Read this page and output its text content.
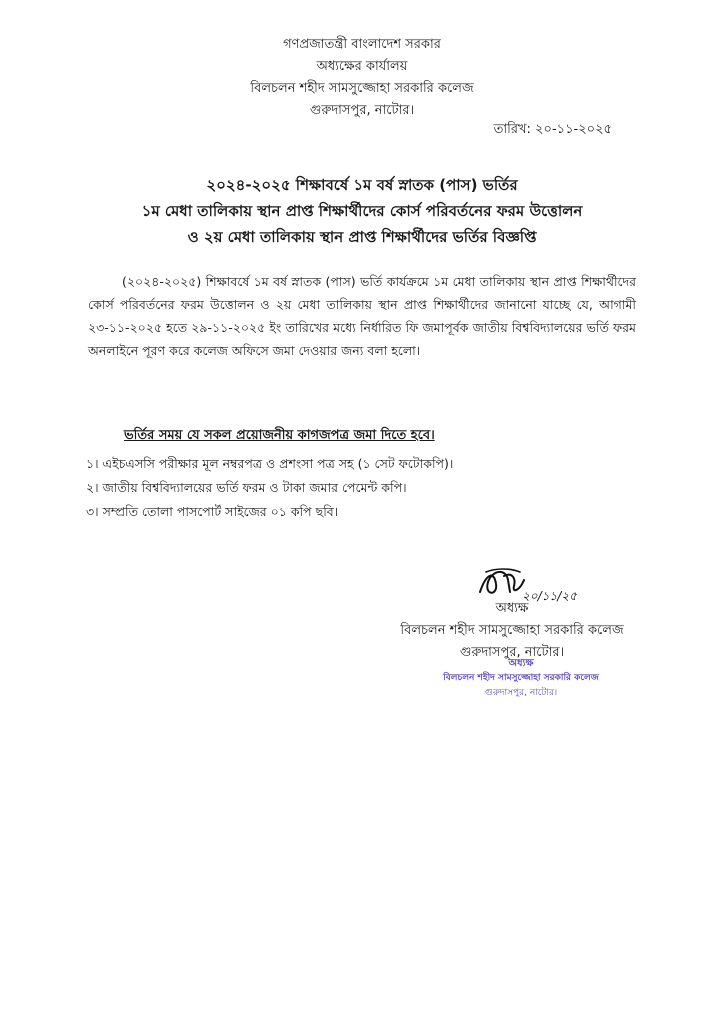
গণপ্রজাতন্ত্রী বাংলাদেশ সরকার
অধ্যক্ষের কার্যালয়
বিলচলন শহীদ সামসুজ্জোহা সরকারি কলেজ
গুরুদাসপুর, নাটোর।
তারিখ: ২০-১১-২০২৫
২০২৪-২০২৫ শিক্ষাবর্ষে ১ম বর্ষ স্নাতক (পাস) ভর্তির
১ম মেধা তালিকায় স্থান প্রাপ্ত শিক্ষার্থীদের কোর্স পরিবর্তনের ফরম উত্তোলন
ও ২য় মেধা তালিকায় স্থান প্রাপ্ত শিক্ষার্থীদের ভর্তির বিজ্ঞপ্তি
(২০২৪-২০২৫) শিক্ষাবর্ষে ১ম বর্ষ স্নাতক (পাস) ভর্তি কার্যক্রমে ১ম মেধা তালিকায় স্থান প্রাপ্ত শিক্ষার্থীদের কোর্স পরিবর্তনের ফরম উত্তোলন ও ২য় মেধা তালিকায় স্থান প্রাপ্ত শিক্ষার্থীদের জানানো যাচ্ছে যে, আগামী ২৩-১১-২০২৫ হতে ২৯-১১-২০২৫ ইং তারিখের মধ্যে নির্ধারিত ফি জমাপূর্বক জাতীয় বিশ্ববিদ্যালয়ের ভর্তি ফরম অনলাইনে পূরণ করে কলেজ অফিসে জমা দেওয়ার জন্য বলা হলো।
ভর্তির সময় যে সকল প্রয়োজনীয় কাগজপত্র জমা দিতে হবে।
১। এইচএসসি পরীক্ষার মূল নম্বরপত্র ও প্রশংসা পত্র সহ (১ সেট ফটোকপি)।
২। জাতীয় বিশ্ববিদ্যালয়ের ভর্তি ফরম ও টাকা জমার পেমেন্ট কপি।
৩। সম্প্রতি তোলা পাসপোর্ট সাইজের ০১ কপি ছবি।
২০/১১/২৫
অধ্যক্ষ
বিলচলন শহীদ সামসুজ্জোহা সরকারি কলেজ
গুরুদাসপুর, নাটোর।
অধ্যক্ষ
বিলচলন শহীদ সামসুজ্জোহা সরকারি কলেজ
গুরুদাসপুর, নাটোর।
